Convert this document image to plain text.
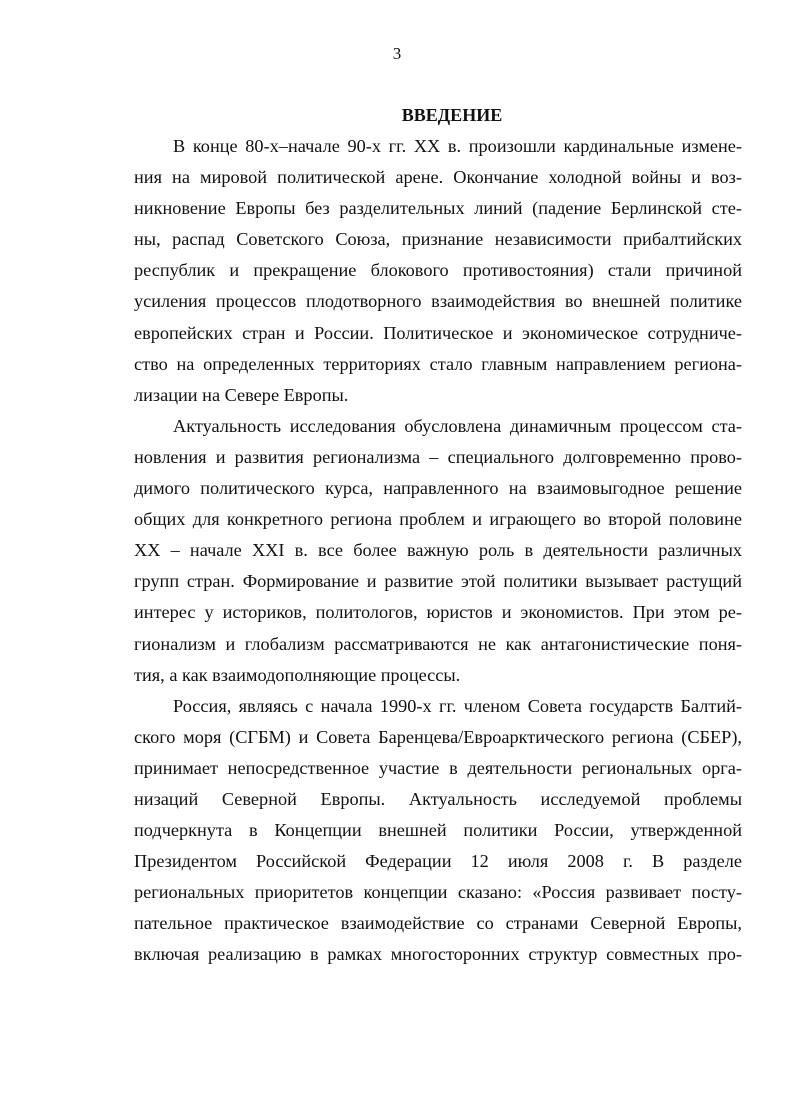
3
ВВЕДЕНИЕ
В конце 80-х–начале 90-х гг. XX в. произошли кардинальные измене-
ния на мировой политической арене. Окончание холодной войны и воз-
никновение Европы без разделительных линий (падение Берлинской сте-
ны, распад Советского Союза, признание независимости прибалтийских
республик и прекращение блокового противостояния) стали причиной
усиления процессов плодотворного взаимодействия во внешней политике
европейских стран и России. Политическое и экономическое сотрудниче-
ство на определенных территориях стало главным направлением регионa-
лизации на Севере Европы.
Актуальность исследования обусловлена динамичным процессом ста-
новления и развития регионализма – специального долговременно прово-
димого политического курса, направленного на взаимовыгодное решение
общих для конкретного региона проблем и играющего во второй половине
XX – начале XXI в. все более важную роль в деятельности различных
групп стран. Формирование и развитие этой политики вызывает растущий
интерес у историков, политологов, юристов и экономистов. При этом ре-
гионализм и глобализм рассматриваются не как антагонистические поня-
тия, а как взаимодополняющие процессы.
Россия, являясь с начала 1990-х гг. членом Совета государств Балтий-
ского моря (СГБМ) и Совета Баренцева/Евроарктического региона (СБЕР),
принимает непосредственное участие в деятельности региональных орга-
низаций Северной Европы. Актуальность исследуемой проблемы
подчеркнута в Концепции внешней политики России, утвержденной
Президентом Российской Федерации 12 июля 2008 г. В разделе
региональных приоритетов концепции сказано: «Россия развивает посту-
пательное практическое взаимодействие со странами Северной Европы,
включая реализацию в рамках многосторонних структур совместных про-
